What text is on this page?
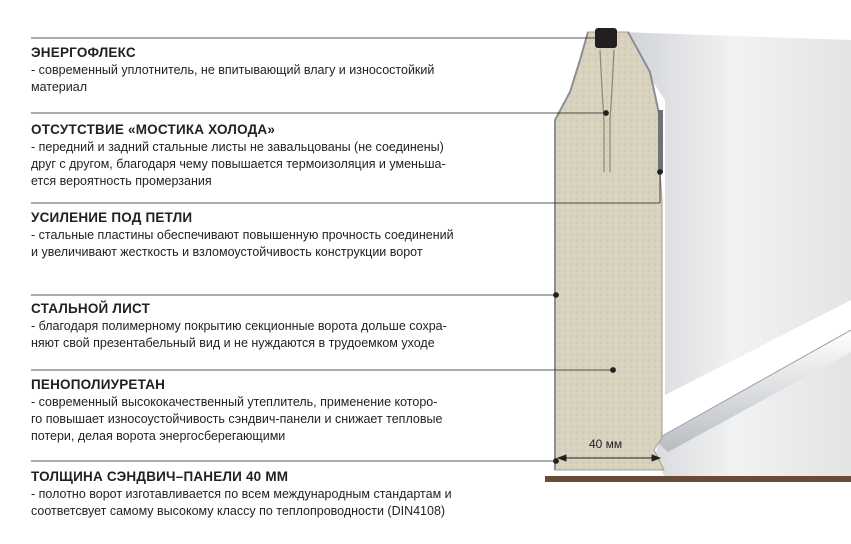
40 мм
ЭНЕРГОФЛЕКС

- современный уплотнитель, не впитывающий влагу и износостойкий

материал

ОТСУТСТВИЕ «МОСТИКА ХОЛОДА»

- передний и задний стальные листы не завальцованы (не соединены)

друг с другом, благодаря чему повышается термоизоляция и уменьша-

ется вероятность промерзания

УСИЛЕНИЕ ПОД ПЕТЛИ

- стальные пластины обеспечивают повышенную прочность соединений

и увеличивают жесткость и взломоустойчивость конструкции ворот

СТАЛЬНОЙ ЛИСТ

- благодаря полимерному покрытию секционные ворота дольше сохра-

няют свой презентабельный вид и не нуждаются в трудоемком уходе

ПЕНОПОЛИУРЕТАН

- современный высококачественный утеплитель, применение которо-

го повышает износоустойчивость сэндвич-панели и снижает тепловые

потери, делая ворота энергосберегающими

ТОЛЩИНА СЭНДВИЧ–ПАНЕЛИ 40 ММ

- полотно ворот изготавливается по всем международным стандартам и

соответсвует самому высокому классу по теплопроводности (DIN4108)
